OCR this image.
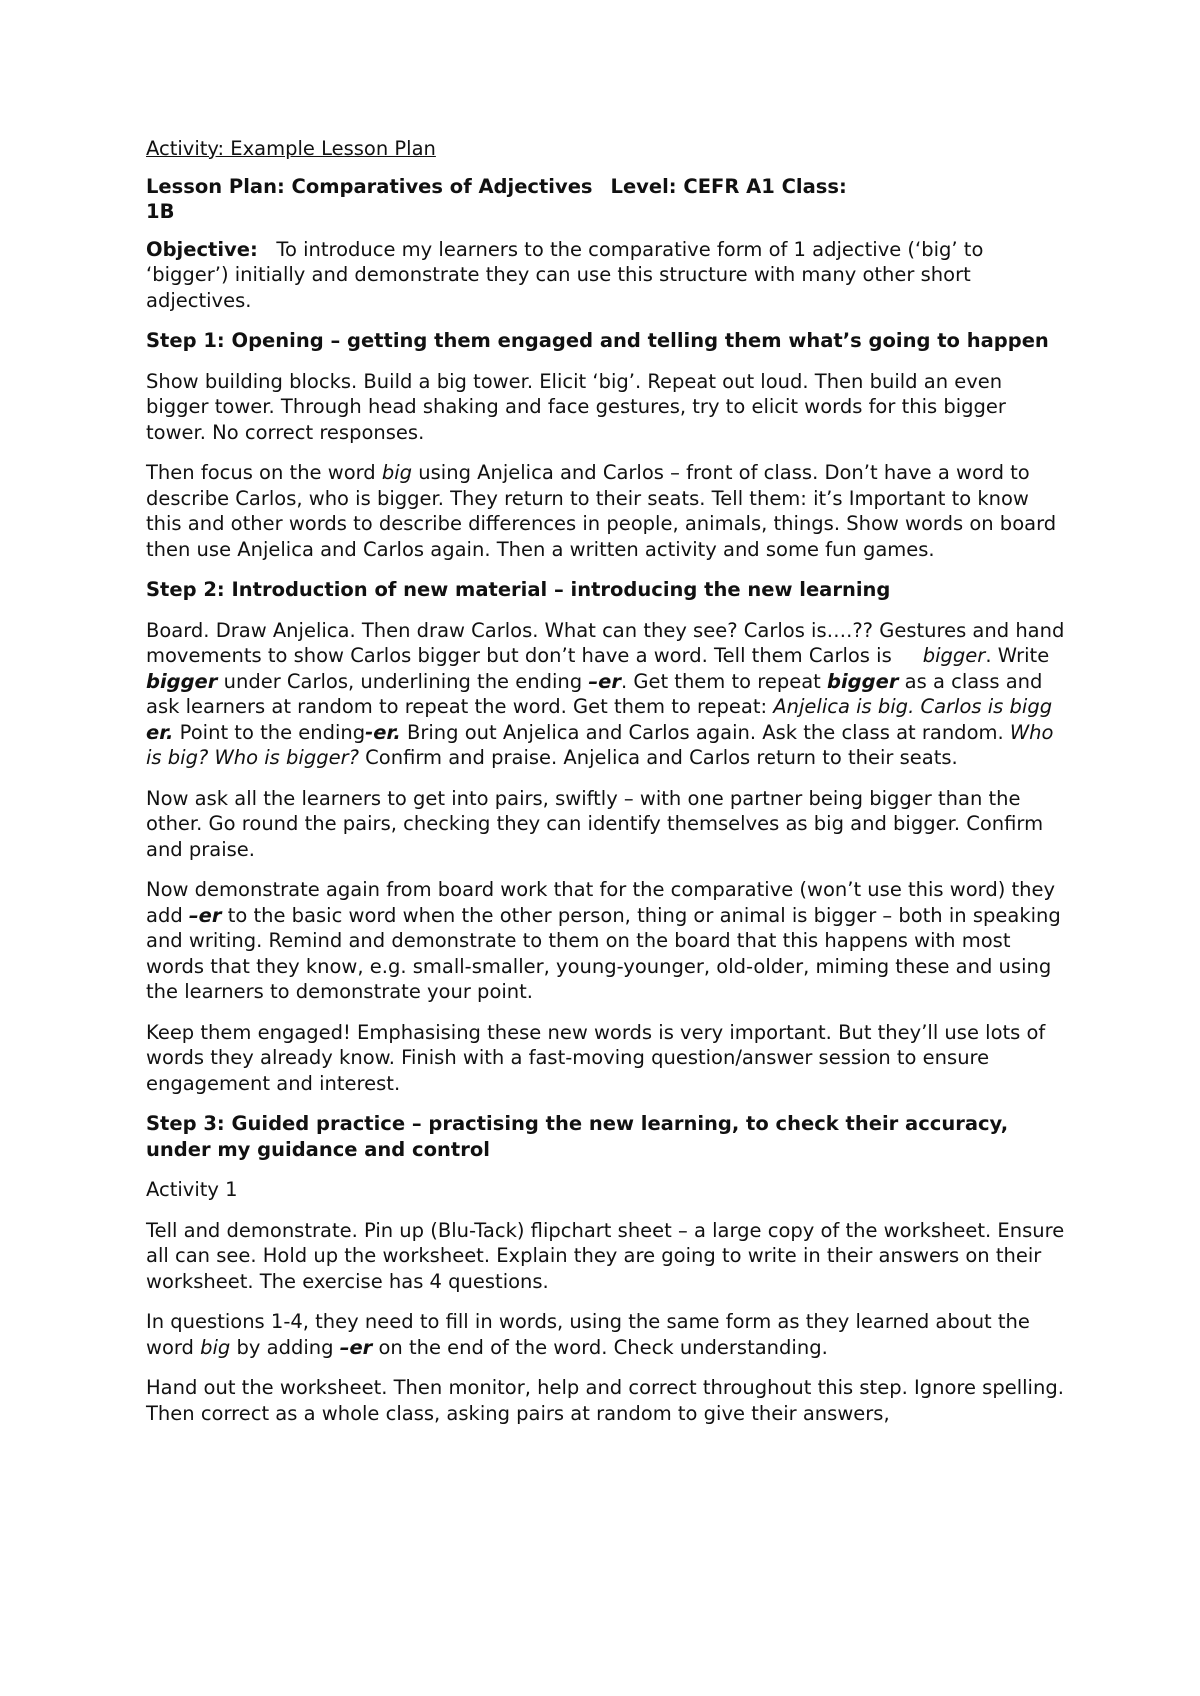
Activity: Example Lesson Plan

Lesson Plan: Comparatives of Adjectives Level: CEFR A1 Class:
1B

Objective: To introduce my learners to the comparative form of 1 adjective (‘big’ to ‘bigger’) initially and demonstrate they can use this structure with many other short adjectives.

Step 1: Opening – getting them engaged and telling them what’s going to happen

Show building blocks. Build a big tower. Elicit ‘big’. Repeat out loud. Then build an even bigger tower. Through head shaking and face gestures, try to elicit words for this bigger tower. No correct responses.

Then focus on the word big using Anjelica and Carlos – front of class. Don’t have a word to describe Carlos, who is bigger. They return to their seats. Tell them: it’s Important to know this and other words to describe differences in people, animals, things. Show words on board then use Anjelica and Carlos again. Then a written activity and some fun games.

Step 2: Introduction of new material – introducing the new learning

Board. Draw Anjelica. Then draw Carlos. What can they see? Carlos is….?? Gestures and hand movements to show Carlos bigger but don’t have a word. Tell them Carlos is     bigger. Write bigger under Carlos, underlining the ending –er. Get them to repeat bigger as a class and ask learners at random to repeat the word. Get them to repeat: Anjelica is big. Carlos is bigg er. Point to the ending-er. Bring out Anjelica and Carlos again. Ask the class at random. Who is big? Who is bigger? Confirm and praise. Anjelica and Carlos return to their seats.

Now ask all the learners to get into pairs, swiftly – with one partner being bigger than the other. Go round the pairs, checking they can identify themselves as big and bigger. Confirm and praise.

Now demonstrate again from board work that for the comparative (won’t use this word) they add –er to the basic word when the other person, thing or animal is bigger – both in speaking and writing. Remind and demonstrate to them on the board that this happens with most words that they know, e.g. small-smaller, young-younger, old-older, miming these and using the learners to demonstrate your point.

Keep them engaged! Emphasising these new words is very important. But they’ll use lots of words they already know. Finish with a fast-moving question/answer session to ensure engagement and interest.

Step 3: Guided practice – practising the new learning, to check their accuracy, under my guidance and control

Activity 1

Tell and demonstrate. Pin up (Blu-Tack) flipchart sheet – a large copy of the worksheet. Ensure all can see. Hold up the worksheet. Explain they are going to write in their answers on their worksheet. The exercise has 4 questions.

In questions 1-4, they need to fill in words, using the same form as they learned about the word big by adding –er on the end of the word. Check understanding.

Hand out the worksheet. Then monitor, help and correct throughout this step. Ignore spelling. Then correct as a whole class, asking pairs at random to give their answers,
